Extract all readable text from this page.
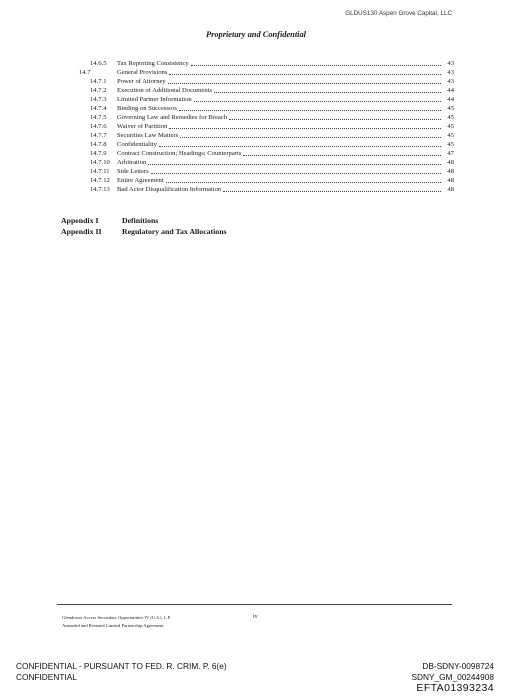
GLDUS130 Aspen Grove Capital, LLC
Proprietary and Confidential
14.6.5	Tax Reporting Consistency	43
14.7	General Provisions	43
14.7.1	Power of Attorney	43
14.7.2	Execution of Additional Documents	44
14.7.3	Limited Partner Information	44
14.7.4	Binding on Successors	45
14.7.5	Governing Law and Remedies for Breach	45
14.7.6	Waiver of Partition	45
14.7.7	Securities Law Matters	45
14.7.8	Confidentiality	45
14.7.9	Contract Construction; Headings; Counterparts	47
14.7.10	Arbitration	48
14.7.11	Side Letters	48
14.7.12	Entire Agreement	48
14.7.13	Bad Actor Disqualification Information	48
Appendix I	Definitions
Appendix II	Regulatory and Tax Allocations
Glendower Access Secondary Opportunities IV (U.S.), L.P.
Amended and Restated Limited Partnership Agreement
iv
CONFIDENTIAL - PURSUANT TO FED. R. CRIM. P. 6(e)
CONFIDENTIAL
DB-SDNY-0098724
SDNY_GM_00244908
EFTA01393234
